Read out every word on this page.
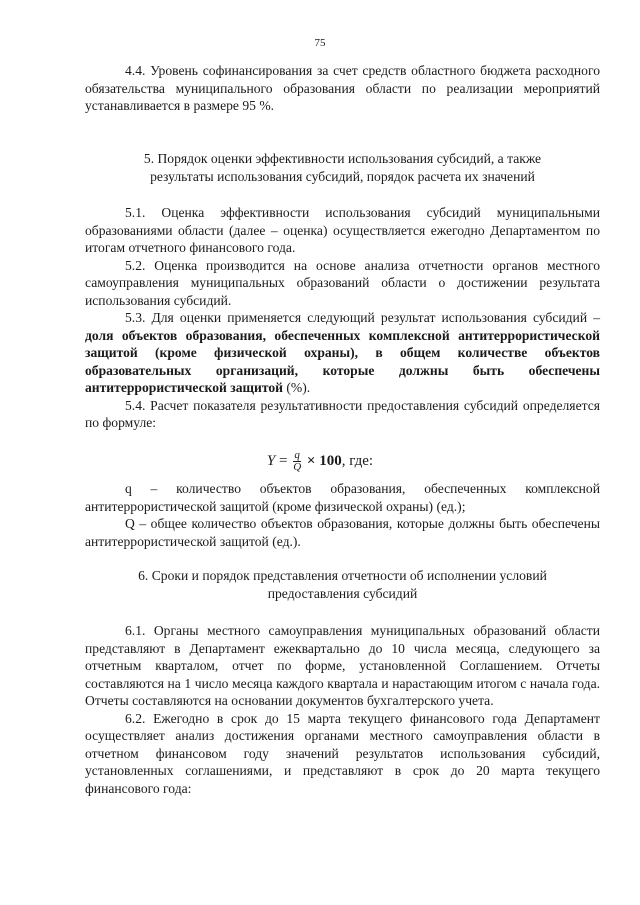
75

4.4. Уровень софинансирования за счет средств областного бюджета расходного обязательства муниципального образования области по реализации мероприятий устанавливается в размере 95 %.

5. Порядок оценки эффективности использования субсидий, а также
результаты использования субсидий, порядок расчета их значений

5.1. Оценка эффективности использования субсидий муниципальными образованиями области (далее – оценка) осуществляется ежегодно Департаментом по итогам отчетного финансового года.

5.2. Оценка производится на основе анализа отчетности органов местного самоуправления муниципальных образований области о достижении результата использования субсидий.

5.3. Для оценки применяется следующий результат использования субсидий – доля объектов образования, обеспеченных комплексной антитеррористической защитой (кроме физической охраны), в общем количестве объектов образовательных организаций, которые должны быть обеспечены антитеррористической защитой (%).

5.4. Расчет показателя результативности предоставления субсидий определяется по формуле:

$Y = \frac{q}{Q} \times 100$, где:

q – количество объектов образования, обеспеченных комплексной антитеррористической защитой (кроме физической охраны) (ед.);

Q – общее количество объектов образования, которые должны быть обеспечены антитеррористической защитой (ед.).

6. Сроки и порядок представления отчетности об исполнении условий
предоставления субсидий

6.1. Органы местного самоуправления муниципальных образований области представляют в Департамент ежеквартально до 10 числа месяца, следующего за отчетным кварталом, отчет по форме, установленной Соглашением. Отчеты составляются на 1 число месяца каждого квартала и нарастающим итогом с начала года. Отчеты составляются на основании документов бухгалтерского учета.

6.2. Ежегодно в срок до 15 марта текущего финансового года Департамент осуществляет анализ достижения органами местного самоуправления области в отчетном финансовом году значений результатов использования субсидий, установленных соглашениями, и представляют в срок до 20 марта текущего финансового года:
